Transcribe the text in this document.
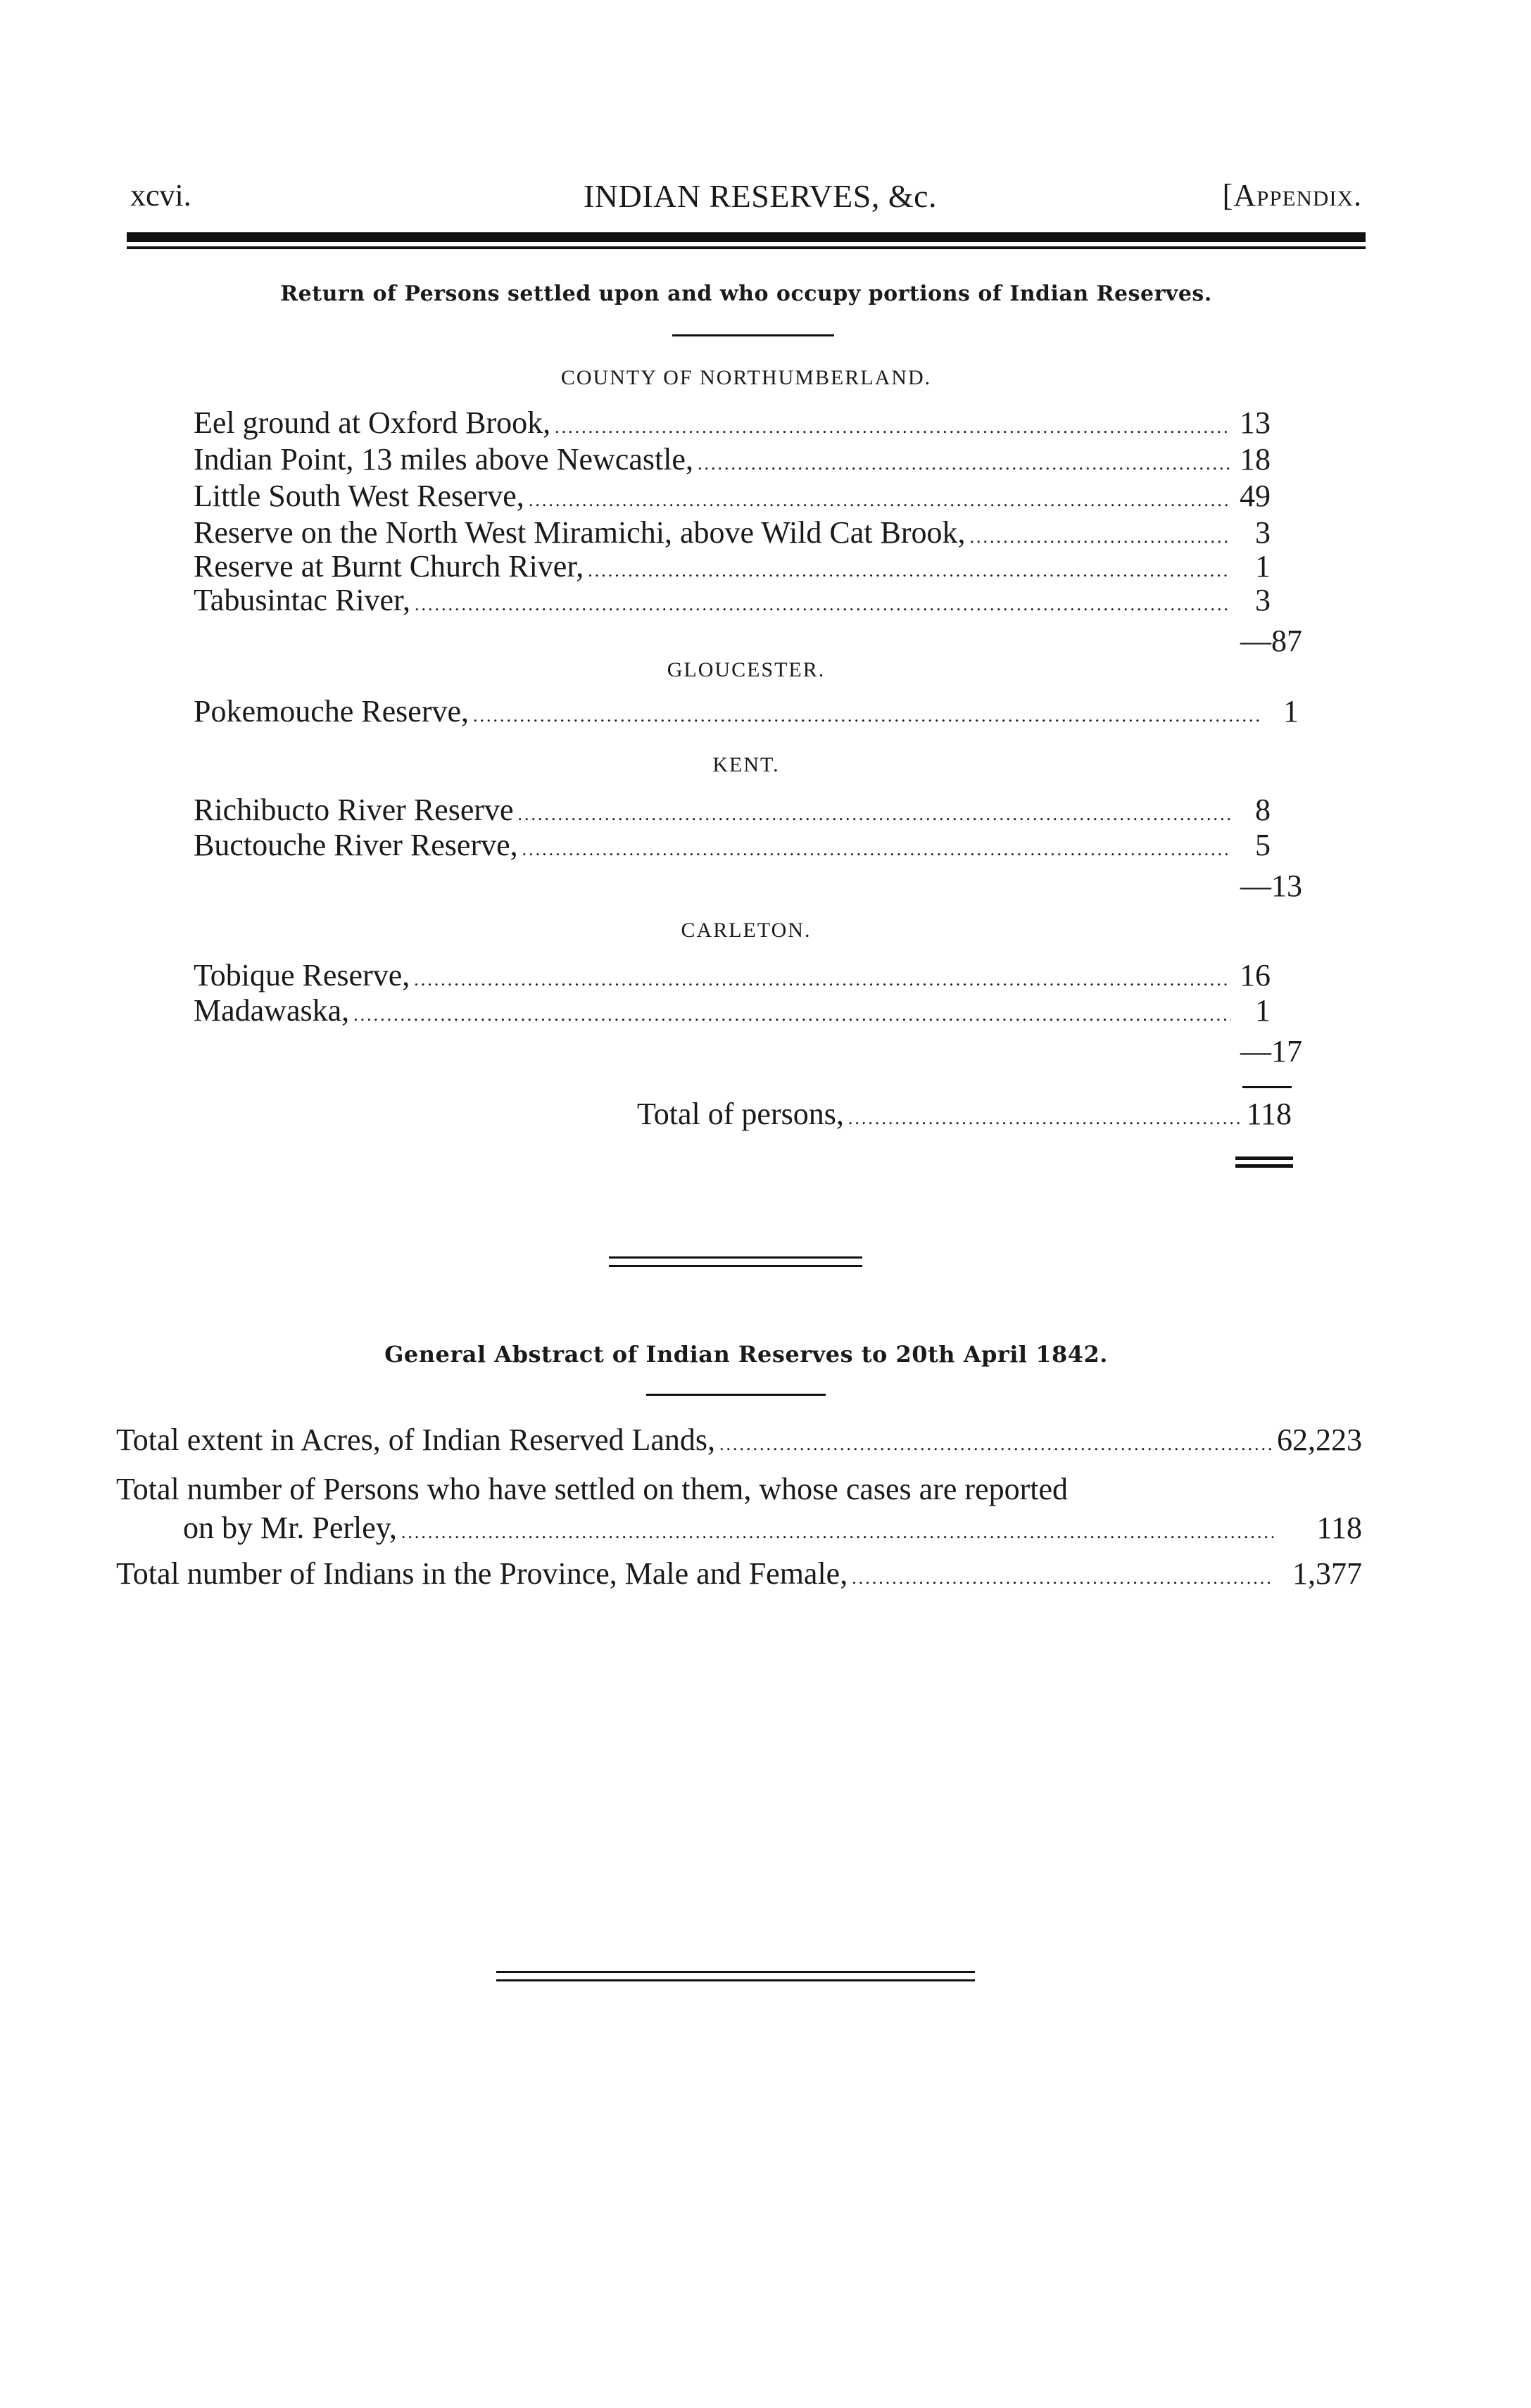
xcvi.	INDIAN RESERVES, &c.	[Appendix.
Return of Persons settled upon and who occupy portions of Indian Reserves.
COUNTY OF NORTHUMBERLAND.
Eel ground at Oxford Brook, .....	13
Indian Point, 13 miles above Newcastle, .....	18
Little South West Reserve, .....	49
Reserve on the North West Miramichi, above Wild Cat Brook, .....	3
Reserve at Burnt Church River, .....	1
Tabusintac River, .....	3
—87
GLOUCESTER.
Pokemouche Reserve, .....	1
KENT.
Richibucto River Reserve .....	8
Buctouche River Reserve, .....	5
—13
CARLETON.
Tobique Reserve, .....	16
Madawaska, .....	1
—17
Total of persons, .....	118
General Abstract of Indian Reserves to 20th April 1842.
Total extent in Acres, of Indian Reserved Lands, .....	62,223
Total number of Persons who have settled on them, whose cases are reported
on by Mr. Perley, .....	118
Total number of Indians in the Province, Male and Female, .....	1,377
